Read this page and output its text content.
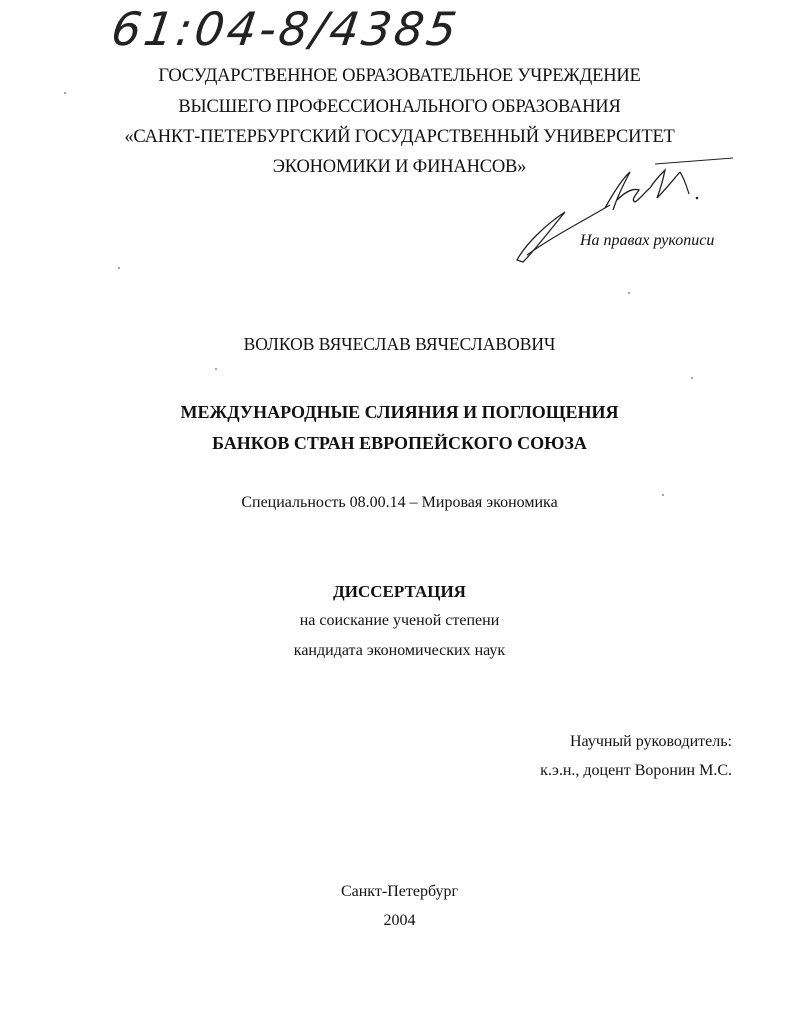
61:04-8/4385
ГОСУДАРСТВЕННОЕ ОБРАЗОВАТЕЛЬНОЕ УЧРЕЖДЕНИЕ
ВЫСШЕГО ПРОФЕССИОНАЛЬНОГО ОБРАЗОВАНИЯ
«САНКТ-ПЕТЕРБУРГСКИЙ ГОСУДАРСТВЕННЫЙ УНИВЕРСИТЕТ
ЭКОНОМИКИ И ФИНАНСОВ»
На правах рукописи
ВОЛКОВ ВЯЧЕСЛАВ ВЯЧЕСЛАВОВИЧ
МЕЖДУНАРОДНЫЕ СЛИЯНИЯ И ПОГЛОЩЕНИЯ
БАНКОВ СТРАН ЕВРОПЕЙСКОГО СОЮЗА
Специальность 08.00.14 – Мировая экономика
ДИССЕРТАЦИЯ
на соискание ученой степени
кандидата экономических наук
Научный руководитель:
к.э.н., доцент Воронин М.С.
Санкт-Петербург
2004
